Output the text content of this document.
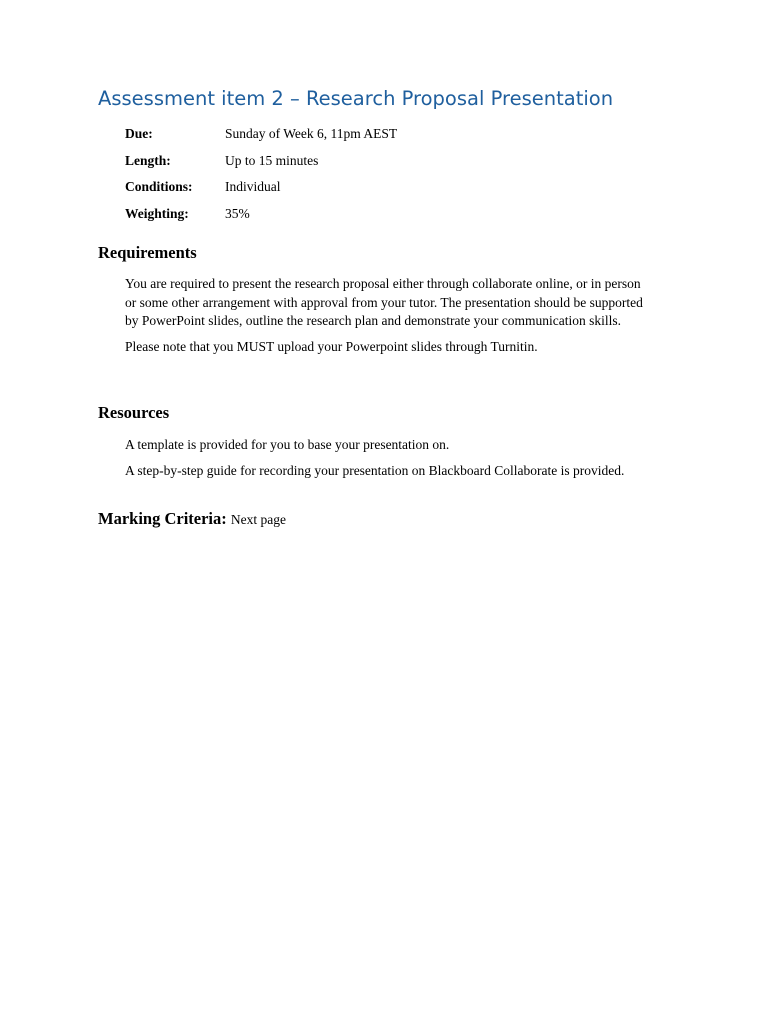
Assessment item 2 – Research Proposal Presentation
Due:	Sunday of Week 6, 11pm AEST
Length:	Up to 15 minutes
Conditions:	Individual
Weighting:	35%
Requirements

You are required to present the research proposal either through collaborate online, or in person or some other arrangement with approval from your tutor. The presentation should be supported by PowerPoint slides, outline the research plan and demonstrate your communication skills.

Please note that you MUST upload your Powerpoint slides through Turnitin.

Resources

A template is provided for you to base your presentation on.

A step-by-step guide for recording your presentation on Blackboard Collaborate is provided.

Marking Criteria: Next page
